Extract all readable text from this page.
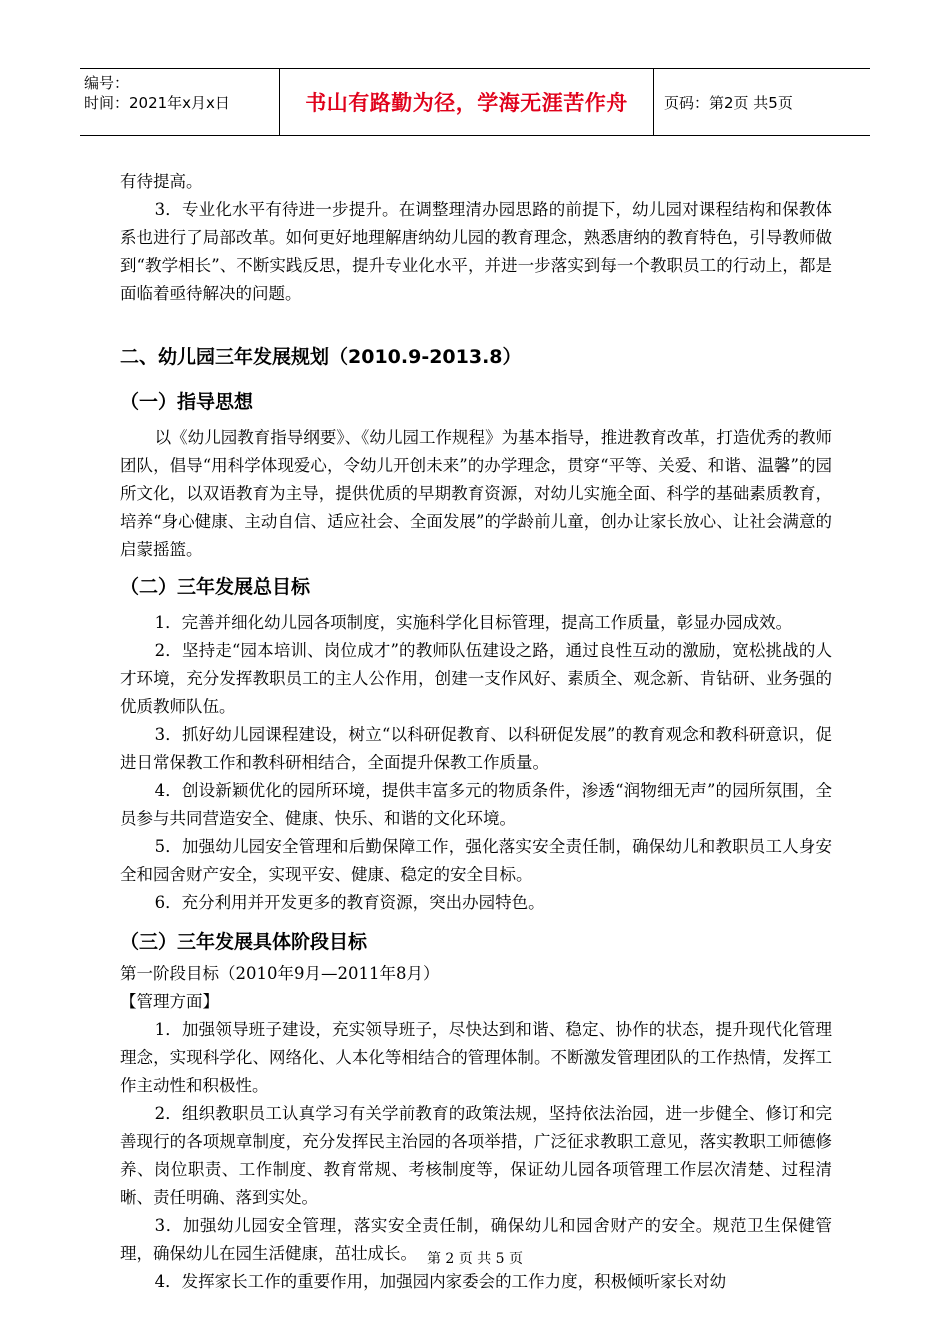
编号：
时间：2021年x月x日	书山有路勤为径，学海无涯苦作舟 页码：第2页 共5页

有待提高。

3．专业化水平有待进一步提升。在调整理清办园思路的前提下，幼儿园对课程结构和保教体系也进行了局部改革。如何更好地理解唐纳幼儿园的教育理念，熟悉唐纳的教育特色，引导教师做到“教学相长”、不断实践反思，提升专业化水平，并进一步落实到每一个教职员工的行动上，都是面临着亟待解决的问题。

二、幼儿园三年发展规划（2010.9-2013.8）
（一）指导思想

以《幼儿园教育指导纲要》、《幼儿园工作规程》为基本指导，推进教育改革，打造优秀的教师团队，倡导“用科学体现爱心，令幼儿开创未来”的办学理念，贯穿“平等、关爱、和谐、温馨”的园所文化，以双语教育为主导，提供优质的早期教育资源，对幼儿实施全面、科学的基础素质教育，培养“身心健康、主动自信、适应社会、全面发展”的学龄前儿童，创办让家长放心、让社会满意的启蒙摇篮。

（二）三年发展总目标

1．完善并细化幼儿园各项制度，实施科学化目标管理，提高工作质量，彰显办园成效。

2．坚持走“园本培训、岗位成才”的教师队伍建设之路，通过良性互动的激励，宽松挑战的人才环境，充分发挥教职员工的主人公作用，创建一支作风好、素质全、观念新、肯钻研、业务强的优质教师队伍。

3．抓好幼儿园课程建设，树立“以科研促教育、以科研促发展”的教育观念和教科研意识，促进日常保教工作和教科研相结合，全面提升保教工作质量。

4．创设新颖优化的园所环境，提供丰富多元的物质条件，渗透“润物细无声”的园所氛围，全员参与共同营造安全、健康、快乐、和谐的文化环境。

5．加强幼儿园安全管理和后勤保障工作，强化落实安全责任制，确保幼儿和教职员工人身安全和园舍财产安全，实现平安、健康、稳定的安全目标。

6．充分利用并开发更多的教育资源，突出办园特色。

（三）三年发展具体阶段目标

第一阶段目标（2010年9月—2011年8月）

【管理方面】

1．加强领导班子建设，充实领导班子，尽快达到和谐、稳定、协作的状态，提升现代化管理理念，实现科学化、网络化、人本化等相结合的管理体制。不断激发管理团队的工作热情，发挥工作主动性和积极性。

2．组织教职员工认真学习有关学前教育的政策法规，坚持依法治园，进一步健全、修订和完善现行的各项规章制度，充分发挥民主治园的各项举措，广泛征求教职工意见，落实教职工师德修养、岗位职责、工作制度、教育常规、考核制度等，保证幼儿园各项管理工作层次清楚、过程清晰、责任明确、落到实处。

3．加强幼儿园安全管理，落实安全责任制，确保幼儿和园舍财产的安全。规范卫生保健管理，确保幼儿在园生活健康，茁壮成长。

4．发挥家长工作的重要作用，加强园内家委会的工作力度，积极倾听家长对幼

第 2 页 共 5 页
